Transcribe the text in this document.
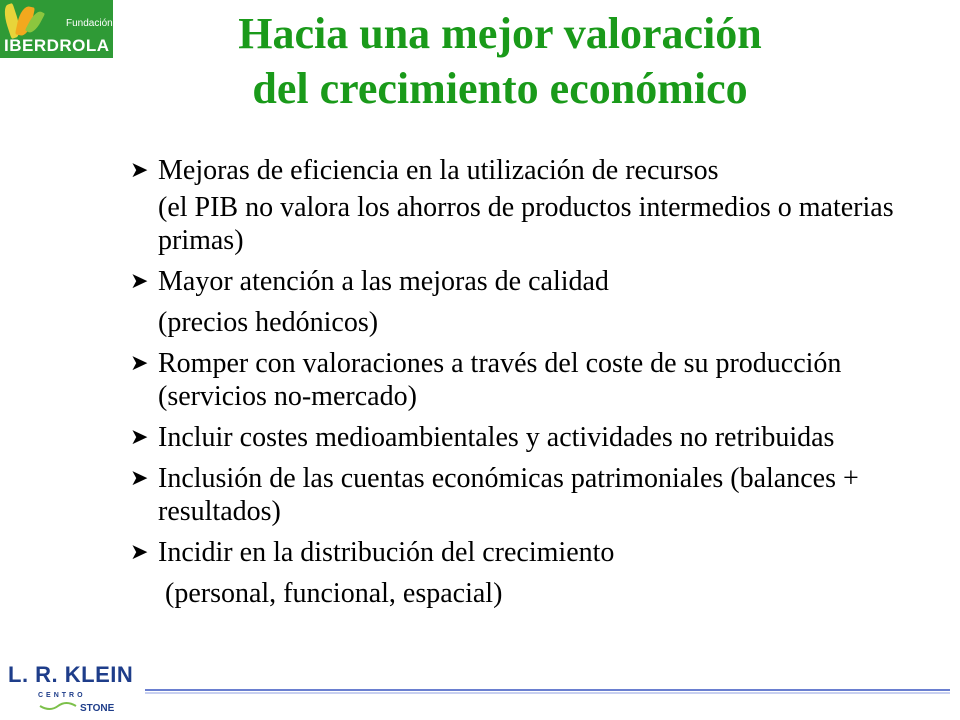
Fundación
IBERDROLA	Hacia una mejor valoración
del crecimiento económico
➤ Mejoras de eficiencia en la utilización de recursos
(el PIB no valora los ahorros de productos intermedios o materias primas)
➤ Mayor atención a las mejoras de calidad
(precios hedónicos)
➤ Romper con valoraciones a través del coste de su producción (servicios no-mercado)
➤ Incluir costes medioambientales y actividades no retribuidas
➤ Inclusión de las cuentas económicas patrimoniales (balances + resultados)
➤ Incidir en la distribución del crecimiento
(personal, funcional, espacial)
L. R. KLEIN
CENTRO
STONE
